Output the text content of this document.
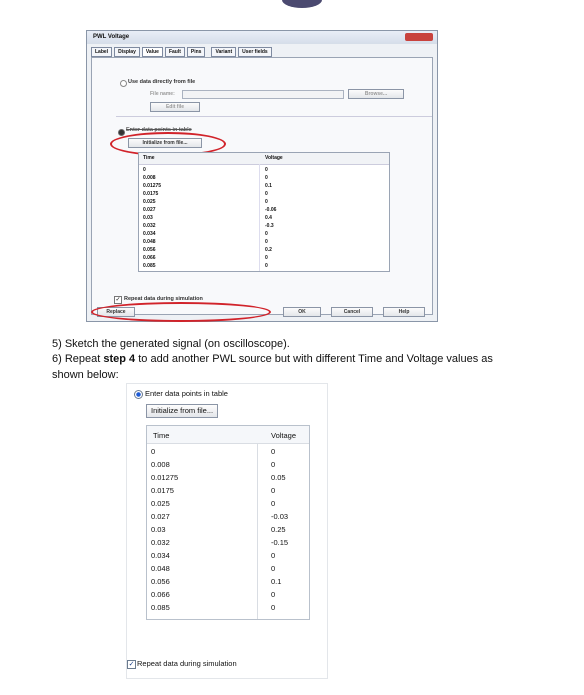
PWL Voltage
Label	Display	Value	Fault	Pins	Variant	User fields
Use data directly from file
File name:	Browse...
Edit file
Enter data points in table
Initialize from file...
Time	Voltage
0	0
0.008	0
0.01275	0.1
0.0175	0
0.025	0
0.027	-0.06
0.03	0.4
0.032	-0.3
0.034	0
0.048	0
0.056	0.2
0.066	0
0.085	0
✓ Repeat data during simulation
Replace	OK	Cancel	Help
5) Sketch the generated signal (on oscilloscope).
6) Repeat step 4 to add another PWL source but with different Time and Voltage values as
shown below:
Enter data points in table
Initialize from file...
Time	Voltage
0	0
0.008	0
0.01275	0.05
0.0175	0
0.025	0
0.027	-0.03
0.03	0.25
0.032	-0.15
0.034	0
0.048	0
0.056	0.1
0.066	0
0.085	0
✓ Repeat data during simulation
